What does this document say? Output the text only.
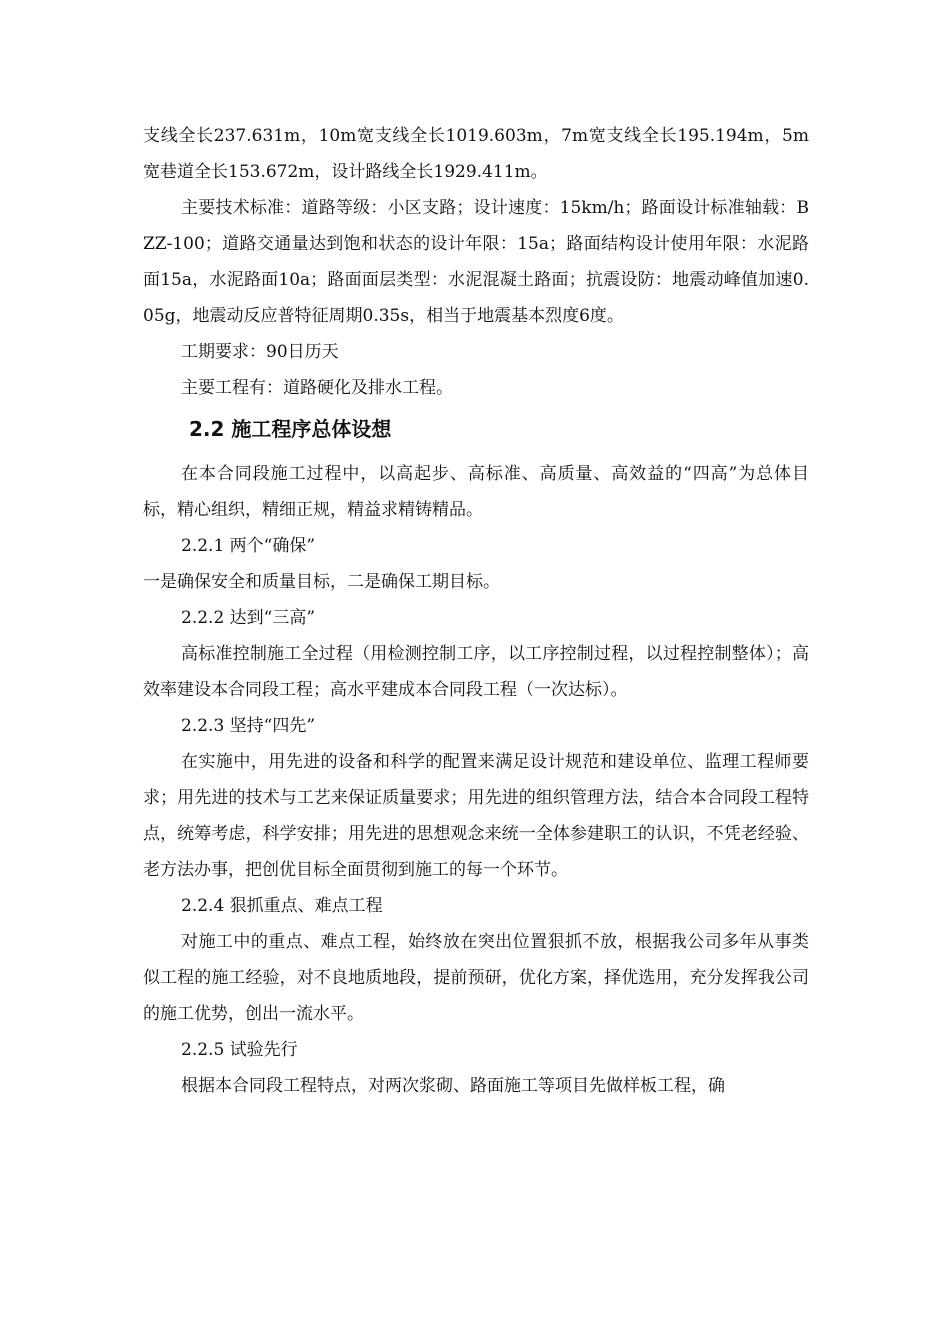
支线全长237.631m，10m宽支线全长1019.603m，7m宽支线全长195.194m，5m宽巷道全长153.672m，设计路线全长1929.411m。

主要技术标准：道路等级：小区支路；设计速度：15km/h；路面设计标准轴载：BZZ-100；道路交通量达到饱和状态的设计年限：15a；路面结构设计使用年限：水泥路面15a，水泥路面10a；路面面层类型：水泥混凝土路面；抗震设防：地震动峰值加速0.05g，地震动反应普特征周期0.35s，相当于地震基本烈度6度。

工期要求：90日历天

主要工程有：道路硬化及排水工程。

2.2 施工程序总体设想

在本合同段施工过程中，以高起步、高标准、高质量、高效益的“四高”为总体目标，精心组织，精细正规，精益求精铸精品。

2.2.1 两个“确保”

一是确保安全和质量目标，二是确保工期目标。

2.2.2 达到“三高”

高标准控制施工全过程（用检测控制工序，以工序控制过程，以过程控制整体）；高效率建设本合同段工程；高水平建成本合同段工程（一次达标）。

2.2.3 坚持“四先”

在实施中，用先进的设备和科学的配置来满足设计规范和建设单位、监理工程师要求；用先进的技术与工艺来保证质量要求；用先进的组织管理方法，结合本合同段工程特点，统筹考虑，科学安排；用先进的思想观念来统一全体参建职工的认识，不凭老经验、老方法办事，把创优目标全面贯彻到施工的每一个环节。

2.2.4 狠抓重点、难点工程

对施工中的重点、难点工程，始终放在突出位置狠抓不放，根据我公司多年从事类似工程的施工经验，对不良地质地段，提前预研，优化方案，择优选用，充分发挥我公司的施工优势，创出一流水平。

2.2.5 试验先行

根据本合同段工程特点，对两次浆砌、路面施工等项目先做样板工程，确
